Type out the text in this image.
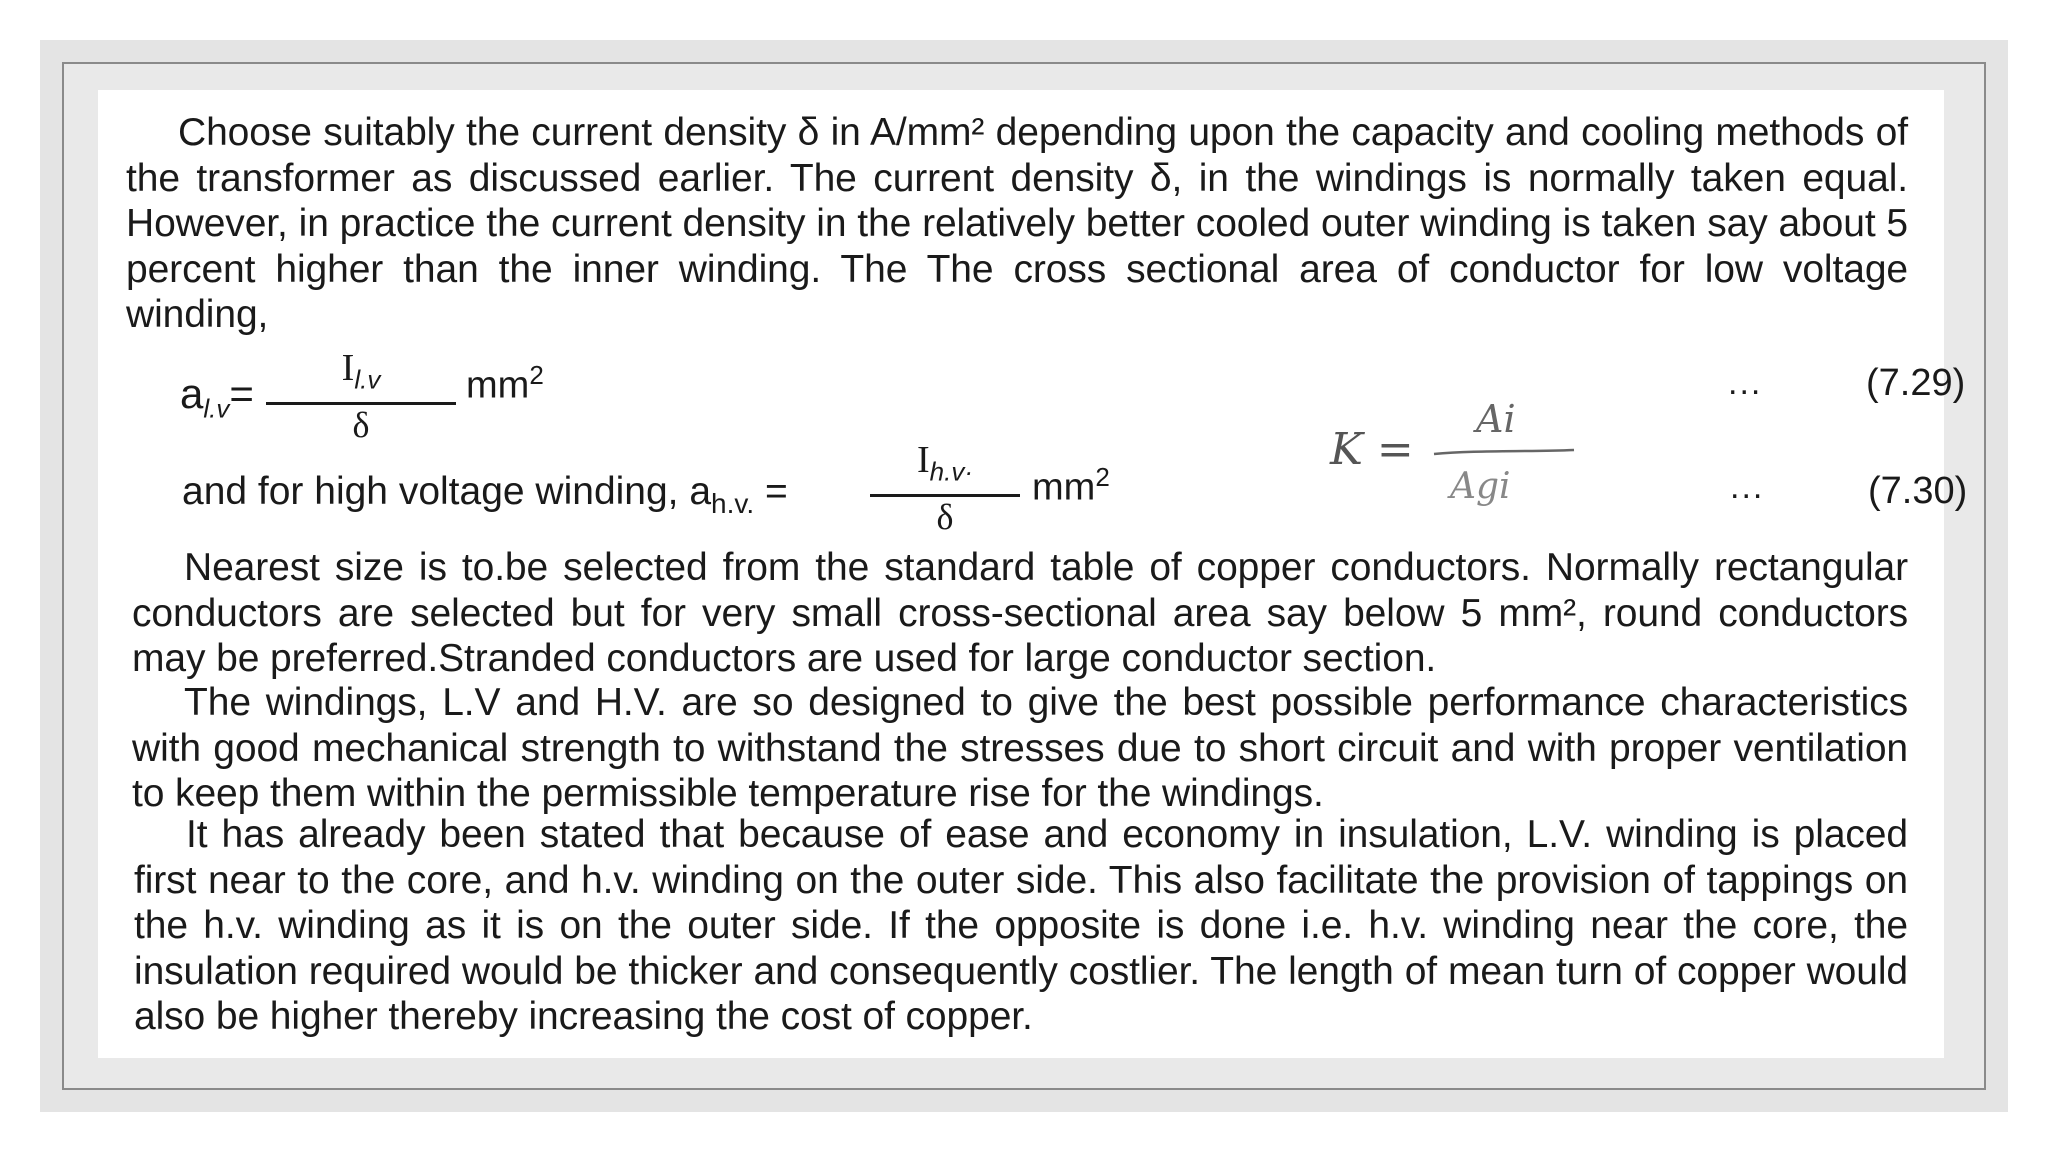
Choose suitably the current density δ in A/mm² depending upon the capacity and cooling methods of the transformer as discussed earlier. The current density δ, in the windings is normally taken equal. However, in practice the current density in the relatively better cooled outer winding is taken say about 5 percent higher than the inner winding. The The cross sectional area of conductor for low voltage winding,

$a_{l.v}=$
$I_{l.v}$
δ
$mm^2$	...	(7.29)
and for high voltage winding, $a_{h.v.}$ =
$I_{h.v\cdot}$
δ
$mm^2$	...	(7.30)
K =
Ai
Agi

Nearest size is to.be selected from the standard table of copper conductors. Normally rectangular conductors are selected but for very small cross-sectional area say below 5 mm², round conductors may be preferred.Stranded conductors are used for large conductor section.

The windings, L.V and H.V. are so designed to give the best possible performance characteristics with good mechanical strength to withstand the stresses due to short circuit and with proper ventilation to keep them within the permissible temperature rise for the windings.

It has already been stated that because of ease and economy in insulation, L.V. winding is placed first near to the core, and h.v. winding on the outer side. This also facilitate the provision of tappings on the h.v. winding as it is on the outer side. If the opposite is done i.e. h.v. winding near the core, the insulation required would be thicker and consequently costlier. The length of mean turn of copper would also be higher thereby increasing the cost of copper.
